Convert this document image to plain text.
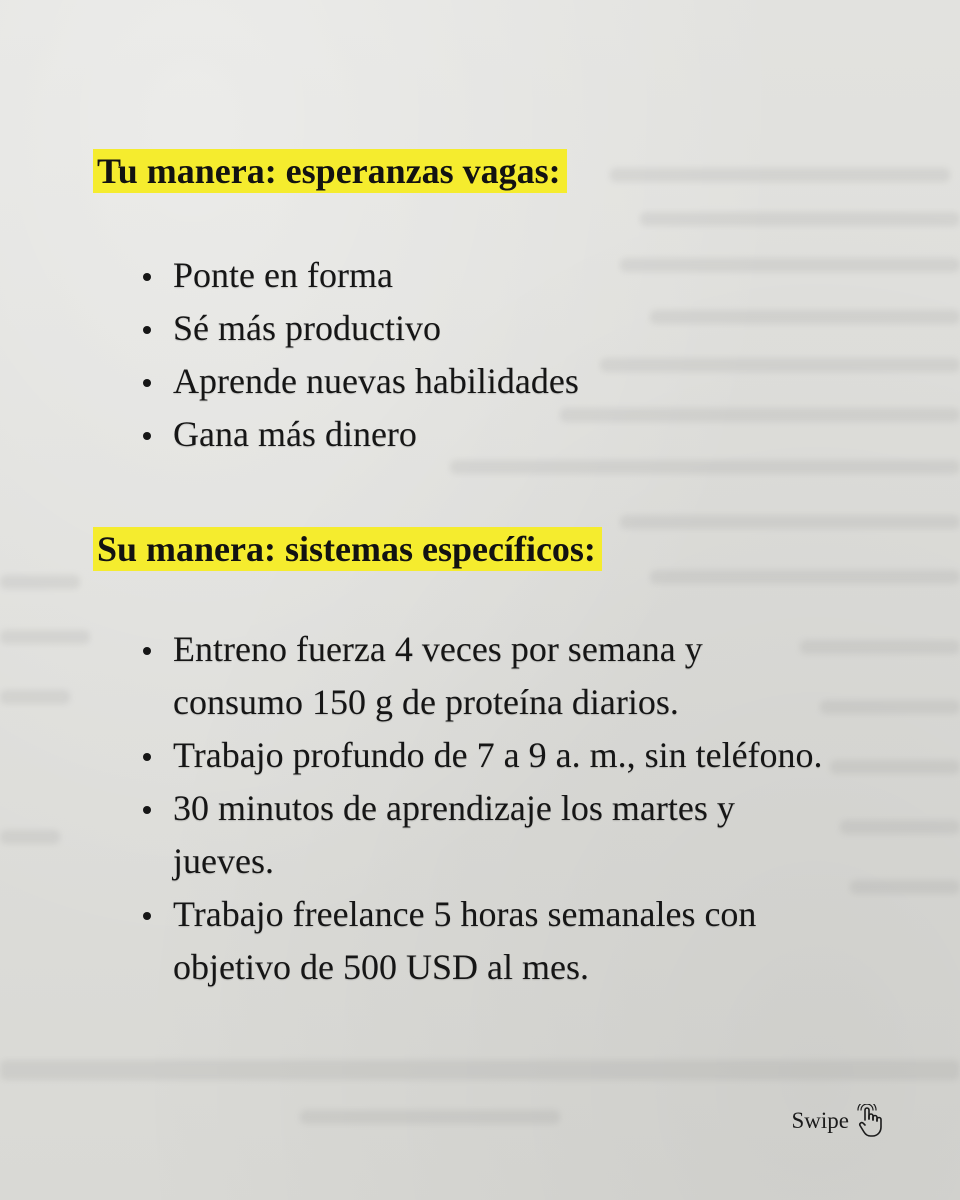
Tu manera: esperanzas vagas:
Ponte en forma
Sé más productivo
Aprende nuevas habilidades
Gana más dinero
Su manera: sistemas específicos:
Entreno fuerza 4 veces por semana y consumo 150 g de proteína diarios.
Trabajo profundo de 7 a 9 a. m., sin teléfono.
30 minutos de aprendizaje los martes y jueves.
Trabajo freelance 5 horas semanales con objetivo de 500 USD al mes.
Swipe
